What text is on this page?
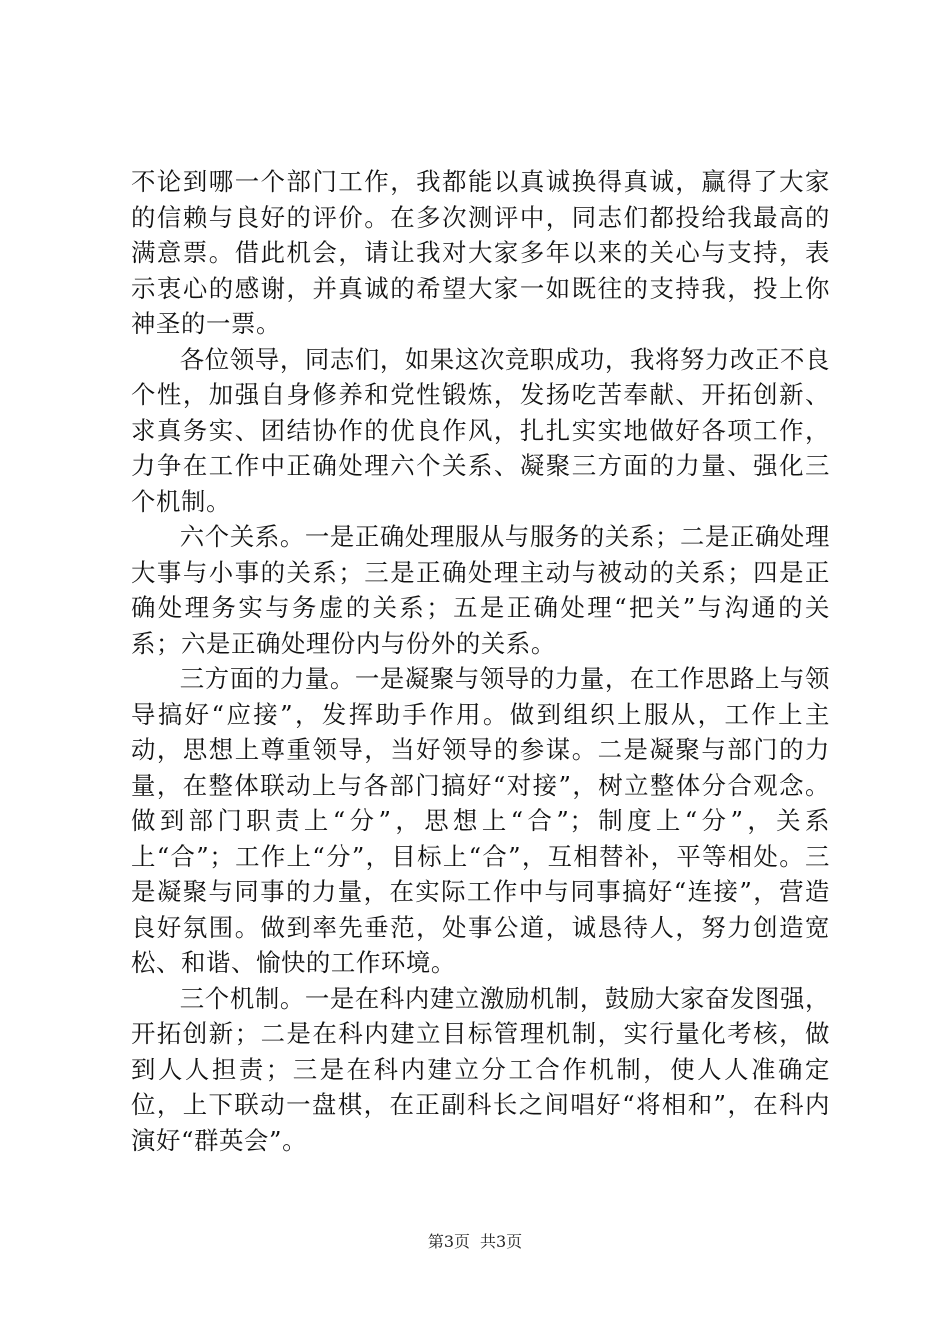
不论到哪一个部门工作，我都能以真诚换得真诚，赢得了大家的信赖与良好的评价。在多次测评中，同志们都投给我最高的满意票。借此机会，请让我对大家多年以来的关心与支持，表示衷心的感谢，并真诚的希望大家一如既往的支持我，投上你神圣的一票。

各位领导，同志们，如果这次竞职成功，我将努力改正不良个性，加强自身修养和党性锻炼，发扬吃苦奉献、开拓创新、求真务实、团结协作的优良作风，扎扎实实地做好各项工作，力争在工作中正确处理六个关系、凝聚三方面的力量、强化三个机制。

六个关系。一是正确处理服从与服务的关系；二是正确处理大事与小事的关系；三是正确处理主动与被动的关系；四是正确处理务实与务虚的关系；五是正确处理“把关”与沟通的关系；六是正确处理份内与份外的关系。

三方面的力量。一是凝聚与领导的力量，在工作思路上与领导搞好“应接”，发挥助手作用。做到组织上服从，工作上主动，思想上尊重领导，当好领导的参谋。二是凝聚与部门的力量，在整体联动上与各部门搞好“对接”，树立整体分合观念。做到部门职责上“分”，思想上“合”；制度上“分”，关系上“合”；工作上“分”，目标上“合”，互相替补，平等相处。三是凝聚与同事的力量，在实际工作中与同事搞好“连接”，营造良好氛围。做到率先垂范，处事公道，诚恳待人，努力创造宽松、和谐、愉快的工作环境。

三个机制。一是在科内建立激励机制，鼓励大家奋发图强，开拓创新；二是在科内建立目标管理机制，实行量化考核，做到人人担责；三是在科内建立分工合作机制，使人人准确定位，上下联动一盘棋，在正副科长之间唱好“将相和”，在科内演好“群英会”。

第3页 共3页
